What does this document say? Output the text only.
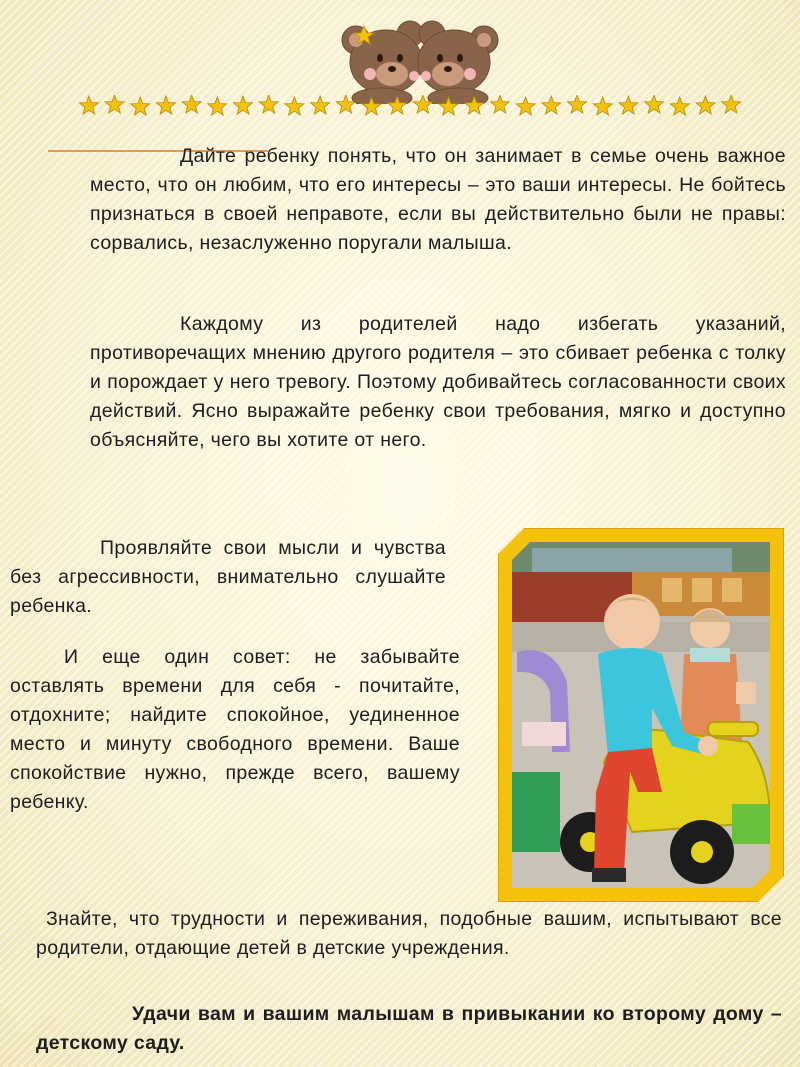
Дайте ребенку понять, что он занимает в семье очень важное место, что он любим, что его интересы – это ваши интересы. Не бойтесь признаться в своей неправоте, если вы действительно были не правы: сорвались, незаслуженно поругали малыша.

Каждому из родителей надо избегать указаний, противоречащих мнению другого родителя – это сбивает ребенка с толку и порождает у него тревогу. Поэтому добивайтесь согласованности своих действий. Ясно выражайте ребенку свои требования, мягко и доступно объясняйте, чего вы хотите от него.

Проявляйте свои мысли и чувства без агрессивности, внимательно слушайте ребенка.

И еще один совет: не забывайте оставлять времени для себя - почитайте, отдохните; найдите спокойное, уединенное место и минуту свободного времени. Ваше спокойствие нужно, прежде всего, вашему ребенку.

Знайте, что трудности и переживания, подобные вашим, испытывают все родители, отдающие детей в детские учреждения.

Удачи вам и вашим малышам в привыкании ко второму дому – детскому саду.
